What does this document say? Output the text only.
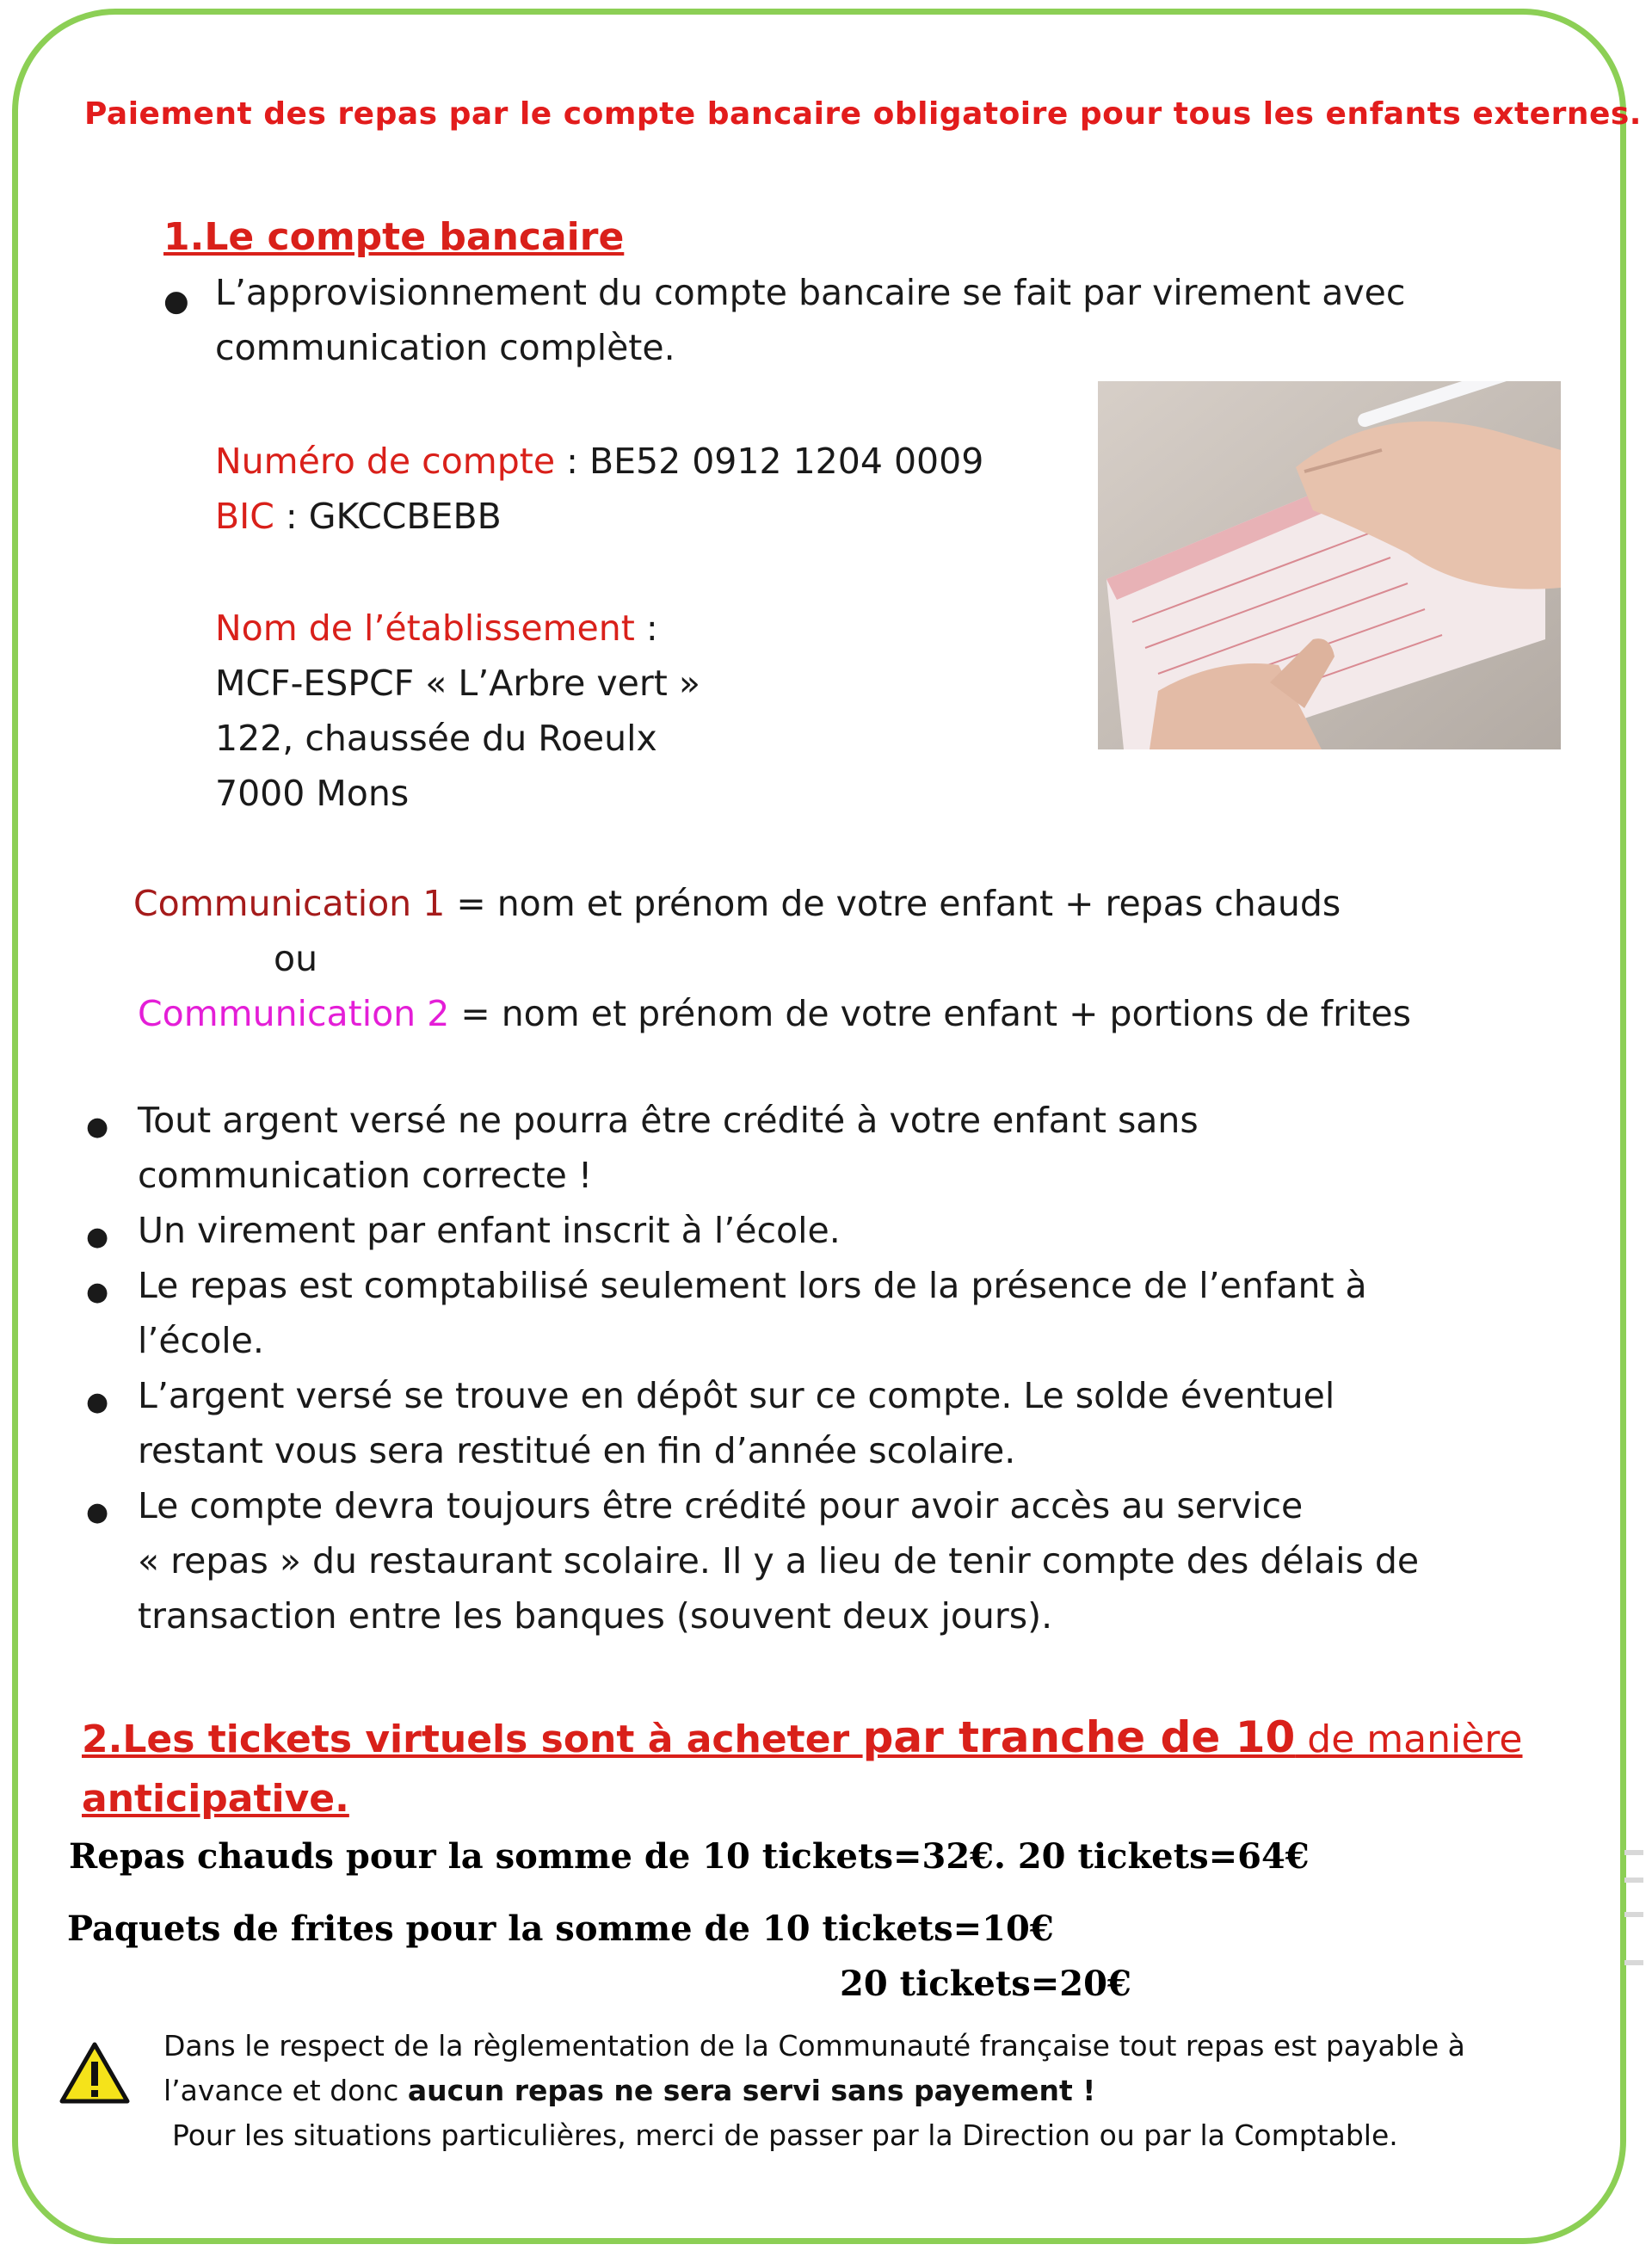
Paiement des repas par le compte bancaire obligatoire pour tous les enfants externes.
1.Le compte bancaire
● L’approvisionnement du compte bancaire se fait par virement avec
communication complète.
Numéro de compte : BE52 0912 1204 0009
BIC : GKCCBEBB
Nom de l’établissement :
MCF-ESPCF « L’Arbre vert »
122, chaussée du Roeulx
7000 Mons
Communication 1 = nom et prénom de votre enfant + repas chauds
ou
Communication 2 = nom et prénom de votre enfant + portions de frites
● Tout argent versé ne pourra être crédité à votre enfant sans
communication correcte !
● Un virement par enfant inscrit à l’école.
● Le repas est comptabilisé seulement lors de la présence de l’enfant à
l’école.
● L’argent versé se trouve en dépôt sur ce compte. Le solde éventuel
restant vous sera restitué en fin d’année scolaire.
● Le compte devra toujours être crédité pour avoir accès au service
« repas » du restaurant scolaire. Il y a lieu de tenir compte des délais de
transaction entre les banques (souvent deux jours).
2.Les tickets virtuels sont à acheter par tranche de 10 de manière
anticipative.
Repas chauds pour la somme de 10 tickets=32€. 20 tickets=64€
Paquets de frites pour la somme de 10 tickets=10€
20 tickets=20€
Dans le respect de la règlementation de la Communauté française tout repas est payable à
l’avance et donc aucun repas ne sera servi sans payement !
Pour les situations particulières, merci de passer par la Direction ou par la Comptable.
